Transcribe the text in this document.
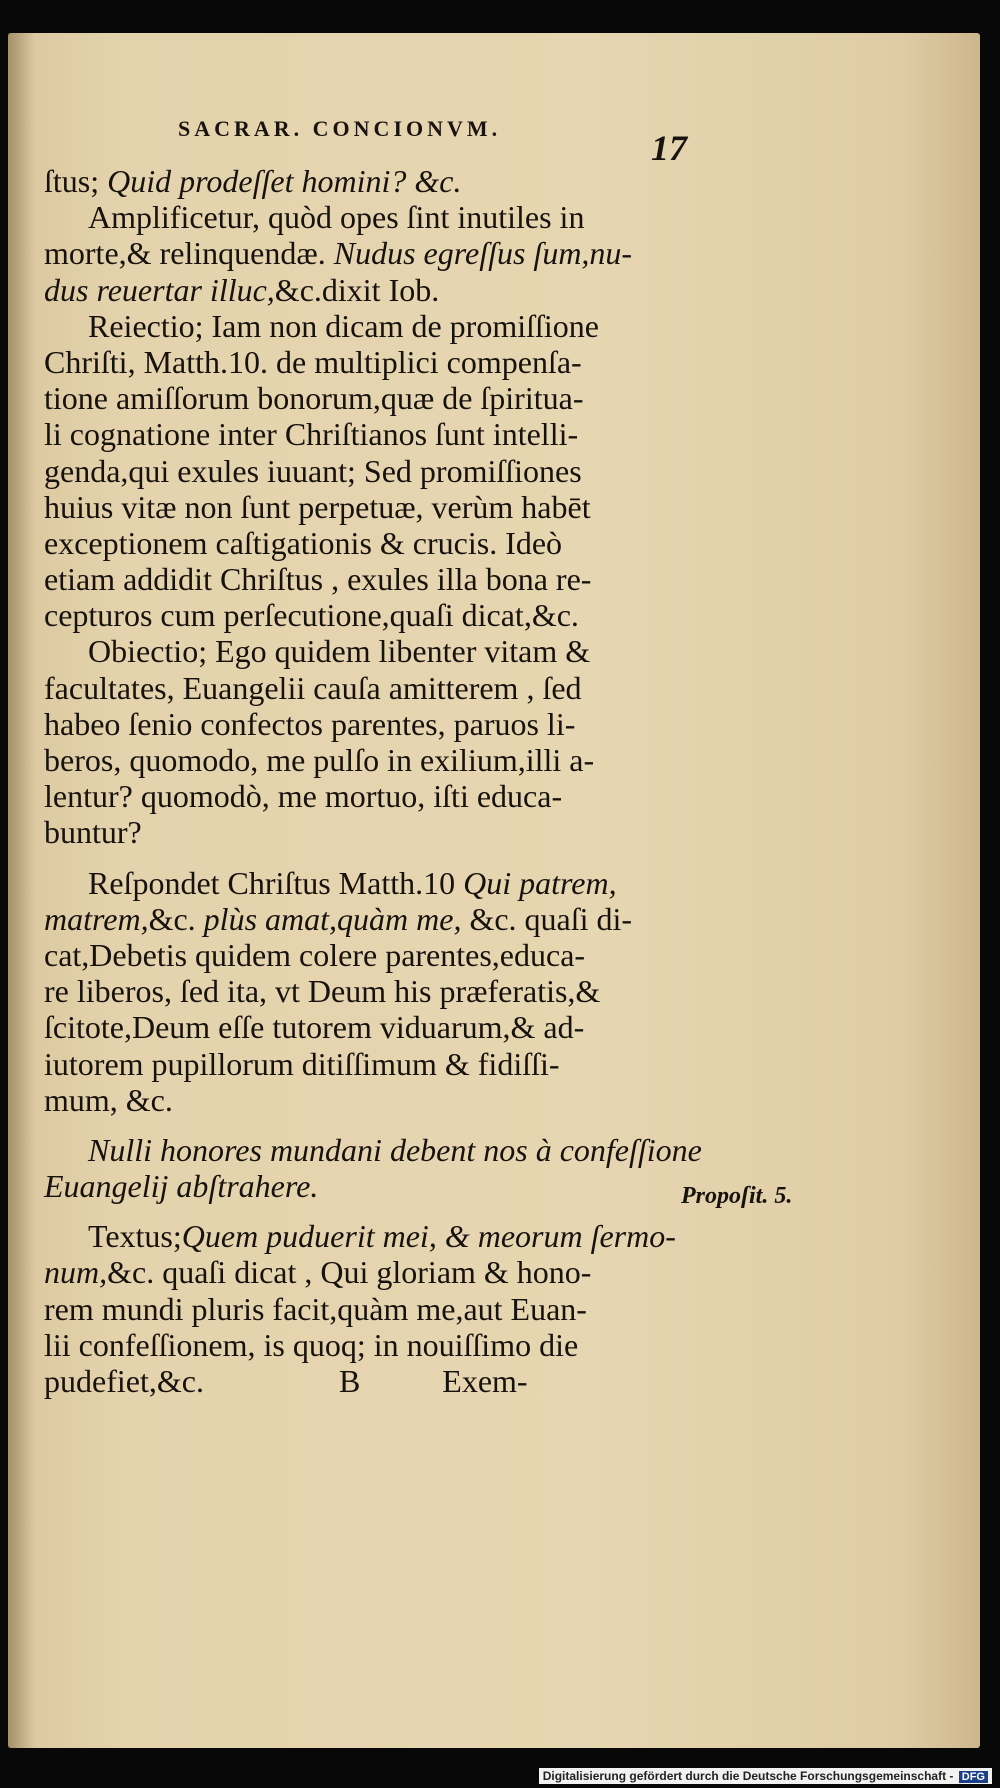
SACRAR. CONCIONVM.	17
ſtus; Quid prodeſſet homini? &c.
Amplificetur, quòd opes ſint inutiles in
morte,& relinquendæ. Nudus egreſſus ſum,nu-
dus reuertar illuc,&c.dixit Iob.
Reiectio; Iam non dicam de promiſſione
Chriſti, Matth.10. de multiplici compenſa-
tione amiſſorum bonorum,quæ de ſpiritua-
li cognatione inter Chriſtianos ſunt intelli-
genda,qui exules iuuant; Sed promiſſiones
huius vitæ non ſunt perpetuæ, verùm habēt
exceptionem caſtigationis & crucis. Ideò
etiam addidit Chriſtus , exules illa bona re-
cepturos cum perſecutione,quaſi dicat,&c.
Obiectio; Ego quidem libenter vitam &
facultates, Euangelii cauſa amitterem , ſed
habeo ſenio confectos parentes, paruos li-
beros, quomodo, me pulſo in exilium,illi a-
lentur? quomodò, me mortuo, iſti educa-
buntur?
Reſpondet Chriſtus Matth.10 Qui patrem,
matrem,&c. plùs amat,quàm me, &c. quaſi di-
cat,Debetis quidem colere parentes,educa-
re liberos, ſed ita, vt Deum his præferatis,&
ſcitote,Deum eſſe tutorem viduarum,& ad-
iutorem pupillorum ditiſſimum & fidiſſi-
mum, &c.
Nulli honores mundani debent nos à confeſſione
Euangelij abſtrahere.
Textus;Quem puduerit mei, & meorum ſermo-
num,&c. quaſi dicat , Qui gloriam & hono-
rem mundi pluris facit,quàm me,aut Euan-
lii confeſſionem, is quoq; in nouiſſimo die
pudefiet,&c.	B	Exem-
Propoſit. 5.
Digitalisierung gefördert durch die Deutsche Forschungsgemeinschaft - DFG
